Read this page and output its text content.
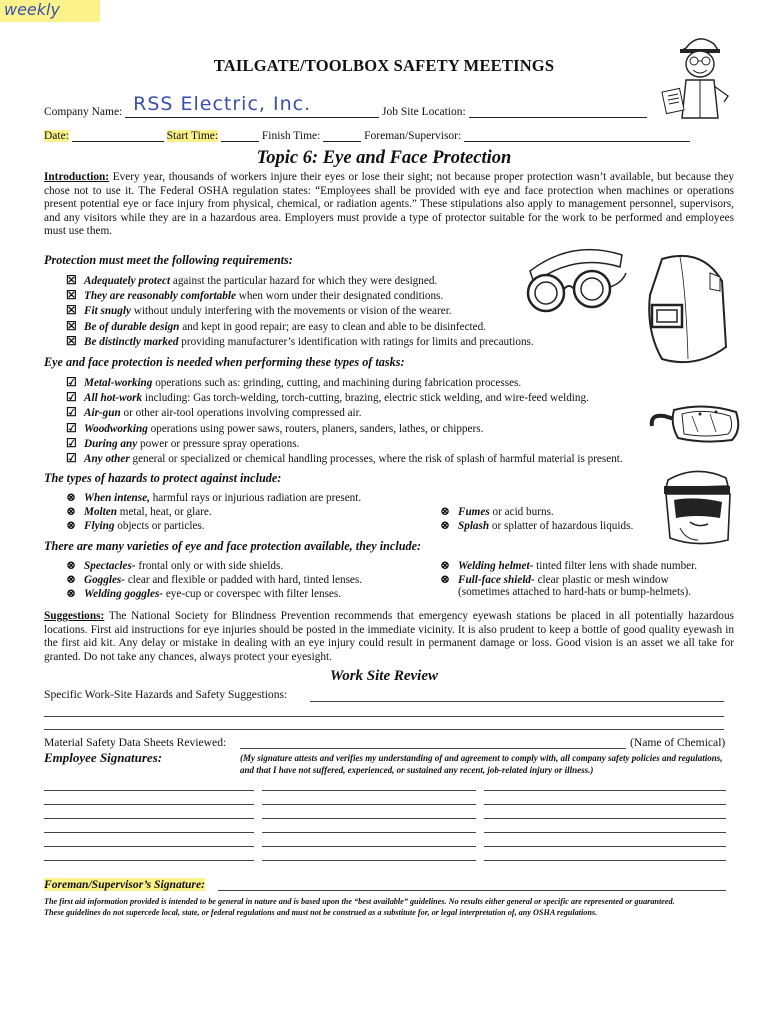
weekly
TAILGATE/TOOLBOX SAFETY MEETINGS
Company Name: RSS Electric, Inc.	Job Site Location:
Date:	Start Time:	Finish Time:	Foreman/Supervisor:
Topic 6: Eye and Face Protection
Introduction: Every year, thousands of workers injure their eyes or lose their sight; not because proper protection wasn’t available, but because they chose not to use it. The Federal OSHA regulation states: “Employees shall be provided with eye and face protection when machines or operations present potential eye or face injury from physical, chemical, or radiation agents.” These stipulations also apply to management personnel, supervisors, and any visitors while they are in a hazardous area. Employers must provide a type of protector suitable for the work to be performed and employees must use them.
Protection must meet the following requirements:
☒ Adequately protect against the particular hazard for which they were designed.
☒ They are reasonably comfortable when worn under their designated conditions.
☒ Fit snugly without unduly interfering with the movements or vision of the wearer.
☒ Be of durable design and kept in good repair; are easy to clean and able to be disinfected.
☒ Be distinctly marked providing manufacturer’s identification with ratings for limits and precautions.
Eye and face protection is needed when performing these types of tasks:
☑ Metal-working operations such as: grinding, cutting, and machining during fabrication processes.
☑ All hot-work including: Gas torch-welding, torch-cutting, brazing, electric stick welding, and wire-feed welding.
☑ Air-gun or other air-tool operations involving compressed air.
☑ Woodworking operations using power saws, routers, planers, sanders, lathes, or chippers.
☑ During any power or pressure spray operations.
☑ Any other general or specialized or chemical handling processes, where the risk of splash of harmful material is present.
The types of hazards to protect against include:
⊗ When intense, harmful rays or injurious radiation are present.
⊗ Molten metal, heat, or glare.
⊗ Flying objects or particles.
⊗ Fumes or acid burns.
⊗ Splash or splatter of hazardous liquids.
There are many varieties of eye and face protection available, they include:
⊗ Spectacles- frontal only or with side shields.
⊗ Goggles- clear and flexible or padded with hard, tinted lenses.
⊗ Welding goggles- eye-cup or coverspec with filter lenses.
⊗ Welding helmet- tinted filter lens with shade number.
⊗ Full-face shield- clear plastic or mesh window
(sometimes attached to hard-hats or bump-helmets).
Suggestions: The National Society for Blindness Prevention recommends that emergency eyewash stations be placed in all potentially hazardous locations. First aid instructions for eye injuries should be posted in the immediate vicinity. It is also prudent to keep a bottle of good quality eyewash in the first aid kit. Any delay or mistake in dealing with an eye injury could result in permanent damage or loss. Good vision is an asset we all take for granted. Do not take any chances, always protect your eyesight.
Work Site Review
Specific Work-Site Hazards and Safety Suggestions:
Material Safety Data Sheets Reviewed:	(Name of Chemical)
Employee Signatures:	(My signature attests and verifies my understanding of and agreement to comply with, all company safety policies and regulations, and that I have not suffered, experienced, or sustained any recent, job-related injury or illness.)
Foreman/Supervisor’s Signature:
The first aid information provided is intended to be general in nature and is based upon the “best available” guidelines. No results either general or specific are represented or guaranteed.
These guidelines do not supercede local, state, or federal regulations and must not be construed as a substitute for, or legal interpretation of, any OSHA regulations.
